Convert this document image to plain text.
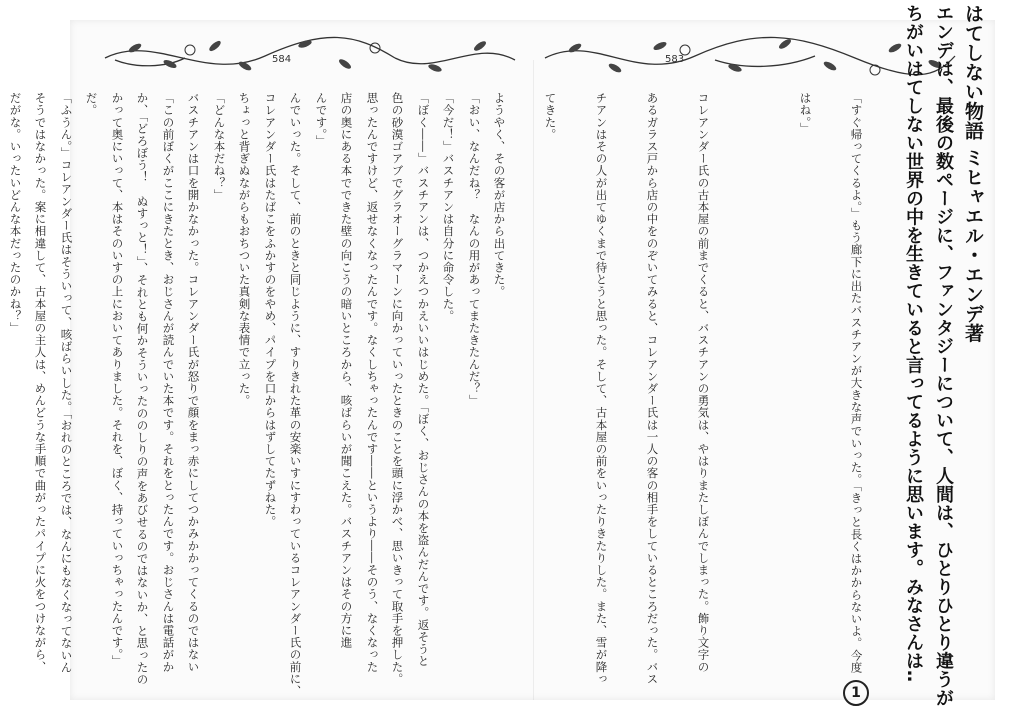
584	583	はてしない物語 ミヒャエル・エンデ著
エンデは、最後の数ページに、ファンタジーについて、人間は、ひとりひとり違うが
ちがいはてしない世界の中を生きていると言ってるように思います。みなさんは‥

「すぐ帰ってくるよ。」もう廊下に出たバスチアンが大きな声でいった。「きっと長くはかからないよ。今度

はね。」

コレアンダー氏の古本屋の前までくると、バスチアンの勇気は、やはりまたしぼんでしまった。飾り文字の

あるガラス戸から店の中をのぞいてみると、コレアンダー氏は一人の客の相手をしているところだった。バス

チアンはその人が出てゆくまで待とうと思った。そして、古本屋の前をいったりきたりした。また、雪が降っ

てきた。

ようやく、その客が店から出てきた。

「今だ！」バスチアンは自分に命令した。

色の砂漠ゴアブでグラオーグラマーンに向かっていったときのことを頭に浮かべ、思いきって取手を押した。

店の奥にある本でできた壁の向こうの暗いところから、咳ばらいが聞こえた。バスチアンはその方に進

んでいった。そして、前のときと同じように、すりきれた革の安楽いすにすわっているコレアンダー氏の前に、

ちょっと背ぎぬながらもおちついた真剣な表情で立った。

バスチアンは口を開かなかった。コレアンダー氏が怒りで顔をまっ赤にしてつかみかかってくるのではない

か、「どろぼう！　ぬすっと！」、それとも何かそういったののしりの声をあびせるのではないか、と思ったの

だ。

そうではなかった。案に相違して、古本屋の主人は、めんどうな手順で曲がったパイプに火をつけながら、	「おい、なんだね？　なんの用があってまたきたんだ？」

「ぼく――」バスチアンは、つかえつかえいいはじめた。「ぼく、おじさんの本を盗んだんです。返そうと

思ったんですけど、返せなくなったんです。なくしちゃったんです――というより――そのう、なくなった

んです。」

コレアンダー氏はたばこをふかすのをやめ、パイプを口からはずしてたずねた。

「どんな本だね？」

「この前ぼくがここにきたとき、おじさんが読んでいた本です。それをとったんです。おじさんは電話がか

かって奥にいって、本はそのいすの上においてありました。それを、ぼく、持っていっちゃったんです。」

「ふうん。」コレアンダー氏はそういって、咳ばらいした。「おれのところでは、なんにもなくなってないん

だがな。いったいどんな本だったのかね？」

1
